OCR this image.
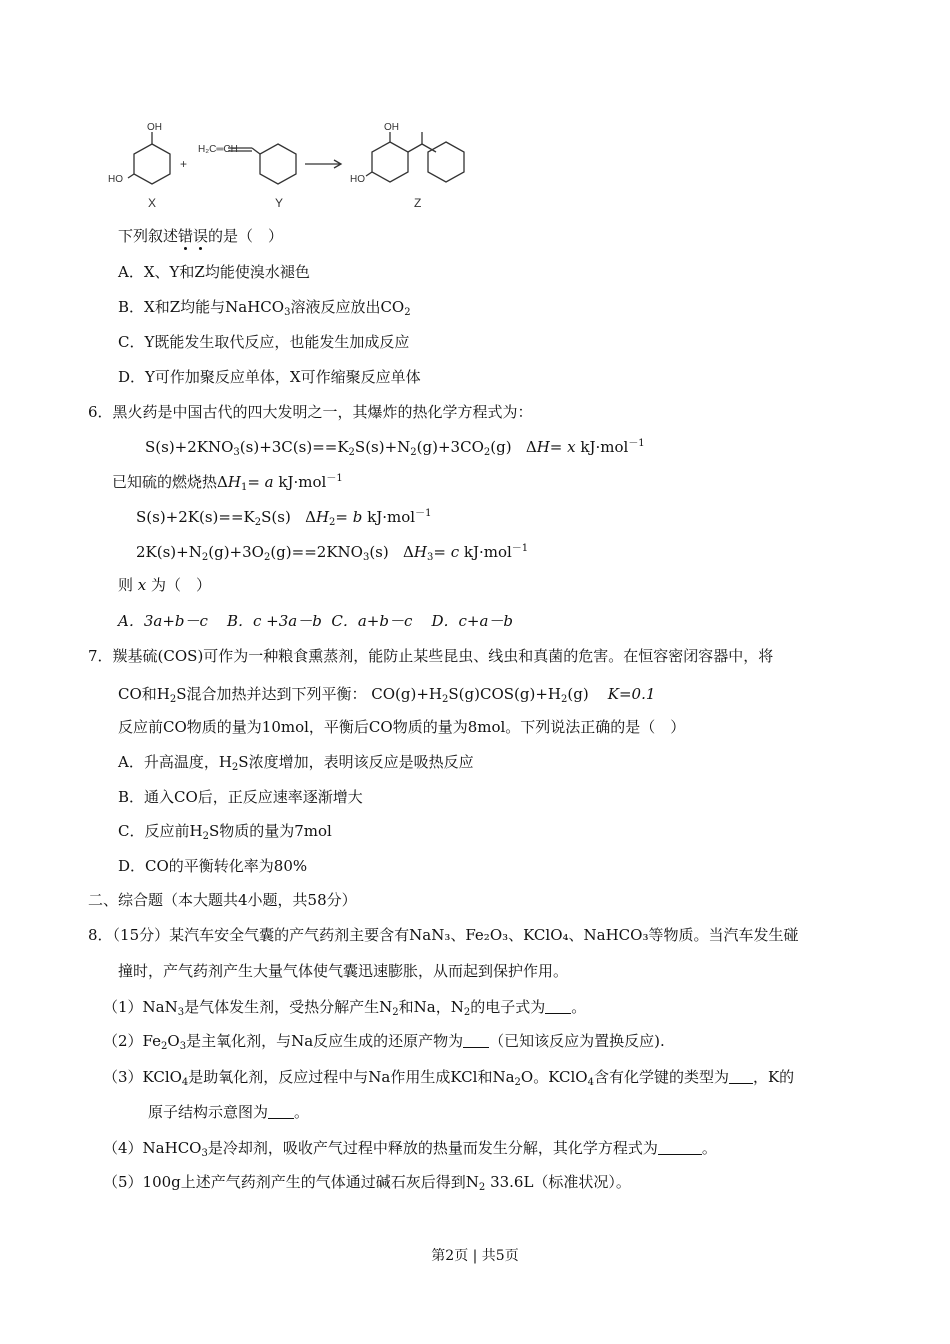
OH
HO
H₂C═CH
OH
HO
+
X	Y	Z
下列叙述错误的是（　）
A．X、Y和Z均能使溴水褪色
B．X和Z均能与NaHCO$_3$溶液反应放出$CO_2$
C．Y既能发生取代反应，也能发生加成反应
D．Y可作加聚反应单体，X可作缩聚反应单体
6．黑火药是中国古代的四大发明之一，其爆炸的热化学方程式为：
$S(s)+2KNO_3(s)+3C(s)==K_2S(s)+N_2(g)+3CO_2(g)$   ΔH= x kJ·mol$^{-1}$
已知硫的燃烧热$\Delta H_1= a$ kJ·mol$^{-1}$
$S(s)+2K(s)==K_2S(s)$   $\Delta H_2= b$ kJ·mol$^{-1}$
$2K(s)+N_2(g)+3O_2(g)==2KNO_3(s)$   $\Delta H_3= c$ kJ·mol$^{-1}$
则 x 为（　）
A．3a+b－c B．c +3a－b C．a+b－c D．c+a－b
7．羰基硫(COS)可作为一种粮食熏蒸剂，能防止某些昆虫、线虫和真菌的危害。在恒容密闭容器中，将
CO和$H_2S$混合加热并达到下列平衡： $CO(g)+H_2S(g)COS(g)+H_2(g)$ K=0.1
反应前CO物质的量为10mol，平衡后CO物质的量为8mol。下列说法正确的是（　）
A．升高温度，$H_2S$浓度增加，表明该反应是吸热反应
B．通入CO后，正反应速率逐渐增大
C．反应前$H_2S$物质的量为7mol
D．CO的平衡转化率为80%
二、综合题（本大题共4小题，共58分）
8．（15分）某汽车安全气囊的产气药剂主要含有NaN₃、Fe₂O₃、KClO₄、NaHCO₃等物质。当汽车发生碰
撞时，产气药剂产生大量气体使气囊迅速膨胀，从而起到保护作用。
（1）NaN$_3$是气体发生剂，受热分解产生$N_2$和Na，$N_2$的电子式为 。
$(2)Fe_2O_3$是主氧化剂，与Na反应生成的还原产物为 （已知该反应为置换反应).
（3）KClO$_4$是助氧化剂，反应过程中与Na作用生成KCl和$Na_2O$。KClO$_4$含有化学键的类型为 ，K的
原子结构示意图为 。
（4）NaHCO$_3$是冷却剂，吸收产气过程中释放的热量而发生分解，其化学方程式为	。
（5）100g上述产气药剂产生的气体通过碱石灰后得到$N_2$ 33.6L（标准状况）。
第2页 | 共5页
